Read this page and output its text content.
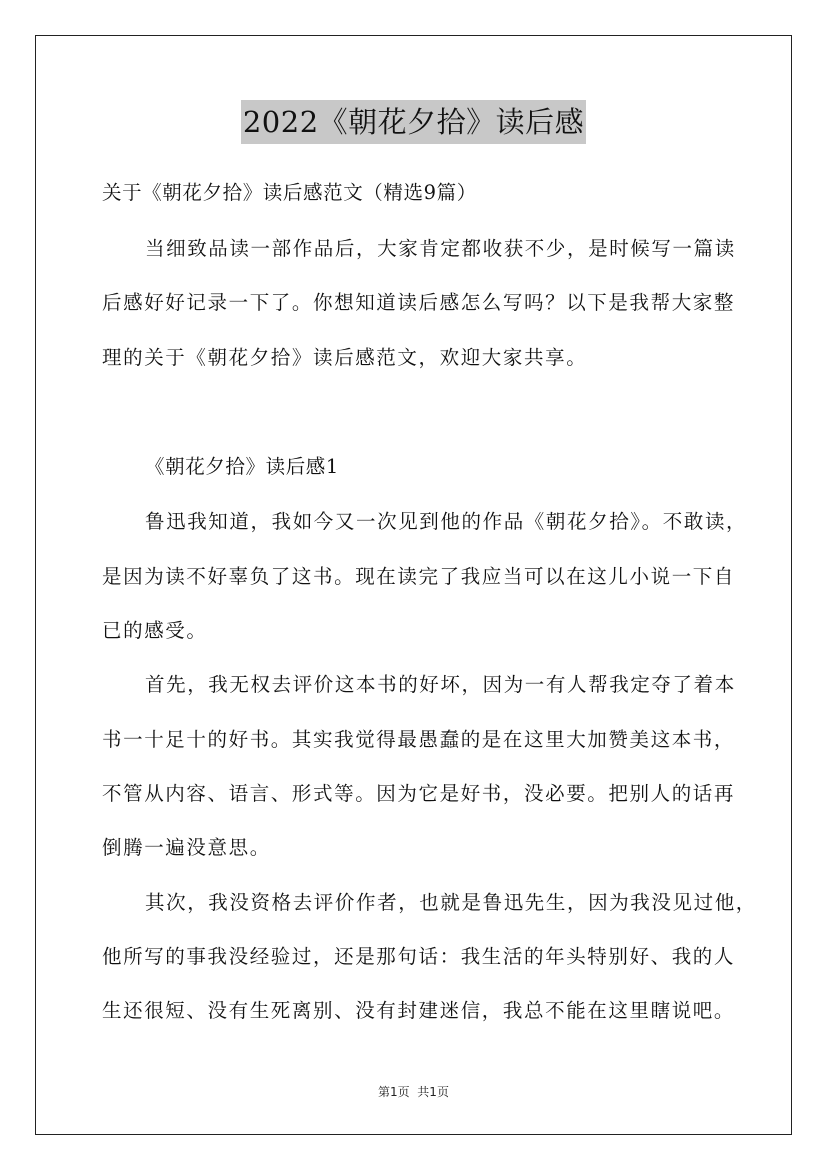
2022《朝花夕拾》读后感
关于《朝花夕拾》读后感范文（精选9篇）
当细致品读一部作品后，大家肯定都收获不少，是时候写一篇读
后感好好记录一下了。你想知道读后感怎么写吗？以下是我帮大家整
理的关于《朝花夕拾》读后感范文，欢迎大家共享。
《朝花夕拾》读后感1
鲁迅我知道，我如今又一次见到他的作品《朝花夕拾》。不敢读，
是因为读不好辜负了这书。现在读完了我应当可以在这儿小说一下自
已的感受。
首先，我无权去评价这本书的好坏，因为一有人帮我定夺了着本
书一十足十的好书。其实我觉得最愚蠢的是在这里大加赞美这本书，
不管从内容、语言、形式等。因为它是好书，没必要。把别人的话再
倒腾一遍没意思。
其次，我没资格去评价作者，也就是鲁迅先生，因为我没见过他，
他所写的事我没经验过，还是那句话：我生活的年头特别好、我的人
生还很短、没有生死离别、没有封建迷信，我总不能在这里瞎说吧。
第1页  共1页
